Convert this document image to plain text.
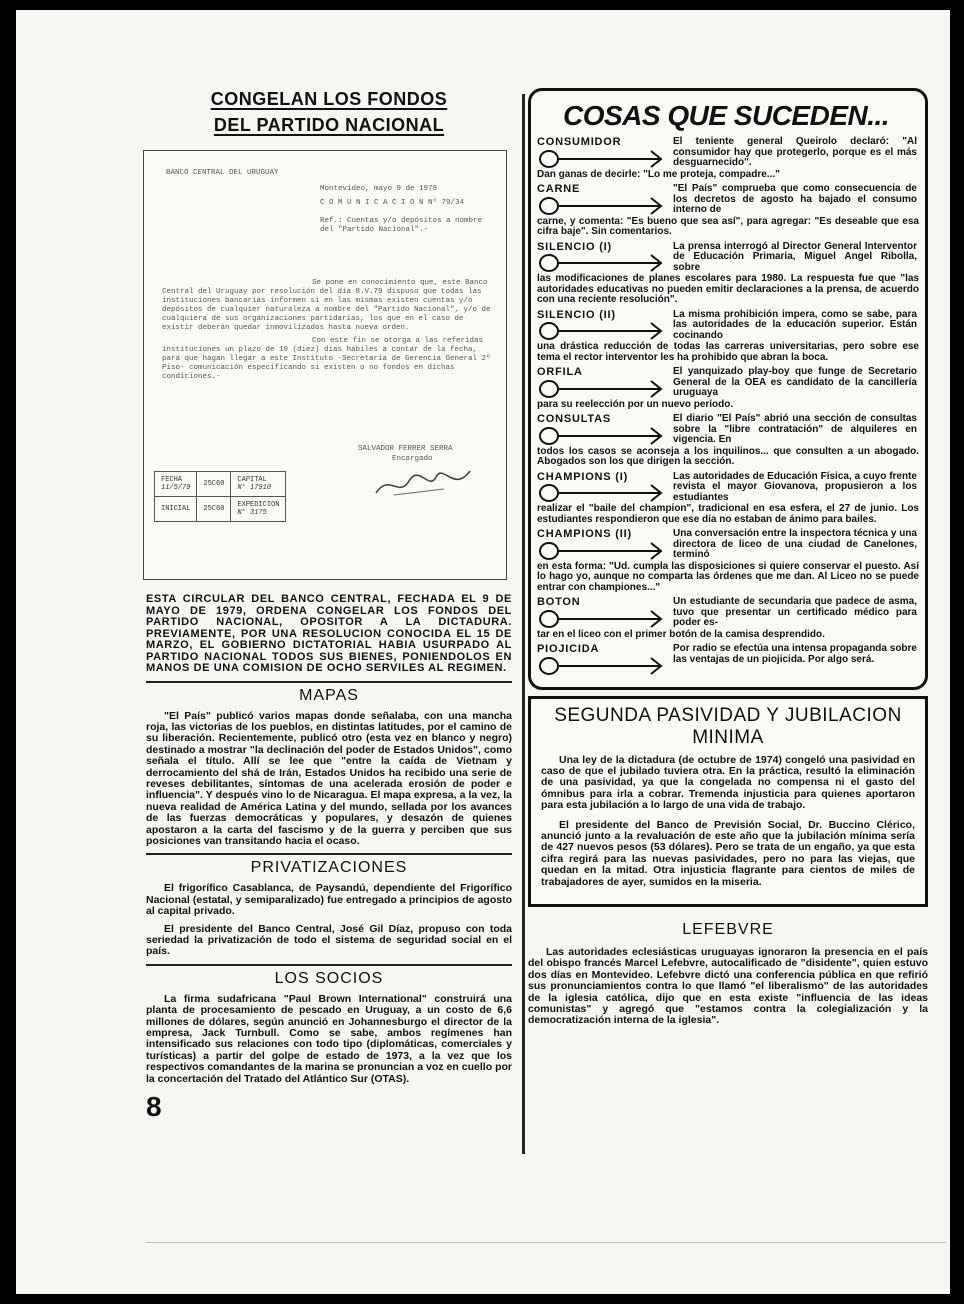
CONGELAN LOS FONDOS
DEL PARTIDO NACIONAL
BANCO CENTRAL DEL URUGUAY
Montevideo, mayo 9 de 1979
C O M U N I C A C I O N Nº 79/34
Ref.: Cuentas y/o depósitos a nombre del "Partido Nacional".-
Se pone en conocimiento que, este Banco Central del Uruguay por resolución del día 8.V.79 dispuso que todas las instituciones bancarias informen si en las mismas existen cuentas y/o depósitos de cualquier naturaleza a nombre del "Partido Nacional", y/o de cualquiera de sus organizaciones partidarias, los que en el caso de existir deberán quedar inmovilizados hasta nueva orden.
Con este fin se otorga a las referidas instituciones un plazo de 10 (diez) días hábiles a contar de la fecha, para que hagan llegar a este Instituto -Secretaría de Gerencia General 2º Piso- comunicación especificando si existen o no fondos en dichas condiciones.-
SALVADOR FERRER SERRA
Encargado
FECHA
11/5/79	25C60	CAPITAL
N° 17910
INICIAL	25C60	EXPEDICION
N° 3175
ESTA CIRCULAR DEL BANCO CENTRAL, FECHADA EL 9 DE MAYO DE 1979, ORDENA CONGELAR LOS FONDOS DEL PARTIDO NACIONAL, OPOSITOR A LA DICTADURA. PREVIAMENTE, POR UNA RESOLUCION CONOCIDA EL 15 DE MARZO, EL GOBIERNO DICTATORIAL HABIA USURPADO AL PARTIDO NACIONAL TODOS SUS BIENES, PONIENDOLOS EN MANOS DE UNA COMISION DE OCHO SERVILES AL REGIMEN.
MAPAS

"El País" publicó varios mapas donde señalaba, con una mancha roja, las victorias de los pueblos, en distintas latitudes, por el camino de su liberación. Recientemente, publicó otro (esta vez en blanco y negro) destinado a mostrar "la declinación del poder de Estados Unidos", como señala el título. Allí se lee que "entre la caída de Vietnam y derrocamiento del shá de Irán, Estados Unidos ha recibido una serie de reveses debilitantes, síntomas de una acelerada erosión de poder e influencia". Y después vino lo de Nicaragua. El mapa expresa, a la vez, la nueva realidad de América Latina y del mundo, sellada por los avances de las fuerzas democráticas y populares, y desazón de quienes apostaron a la carta del fascismo y de la guerra y perciben que sus posiciones van transitando hacia el ocaso.

PRIVATIZACIONES

El frigorífico Casablanca, de Paysandú, dependiente del Frigorífico Nacional (estatal, y semiparalizado) fue entregado a principios de agosto al capital privado.

El presidente del Banco Central, José Gil Díaz, propuso con toda seriedad la privatización de todo el sistema de seguridad social en el país.

LOS SOCIOS

La firma sudafricana "Paul Brown International" construirá una planta de procesamiento de pescado en Uruguay, a un costo de 6,6 millones de dólares, según anunció en Johannesburgo el director de la empresa, Jack Turnbull. Como se sabe, ambos regímenes han intensificado sus relaciones con todo tipo (diplomáticas, comerciales y turísticas) a partir del golpe de estado de 1973, a la vez que los respectivos comandantes de la marina se pronuncian a voz en cuello por la concertación del Tratado del Atlántico Sur (OTAS).

8
COSAS QUE SUCEDEN...
CONSUMIDOR	El teniente general Queirolo declaró: "Al consumidor hay que protegerlo, porque es el más desguarnecido".
Dan ganas de decirle: "Lo me proteja, compadre..."
CARNE	"El País" comprueba que como consecuencia de los decretos de agosto ha bajado el consumo interno de
carne, y comenta: "Es bueno que sea así", para agregar: "Es deseable que esa cifra baje". Sin comentarios.
SILENCIO (I)	La prensa interrogó al Director General Interventor de Educación Primaria, Miguel Angel Ribolla, sobre
las modificaciones de planes escolares para 1980. La respuesta fue que "las autoridades educativas no pueden emitir declaraciones a la prensa, de acuerdo con una reciente resolución".
SILENCIO (II)	La misma prohibición impera, como se sabe, para las autoridades de la educación superior. Están cocinando
una drástica reducción de todas las carreras universitarias, pero sobre ese tema el rector interventor les ha prohibido que abran la boca.
ORFILA	El yanquizado play-boy que funge de Secretario General de la OEA es candidato de la cancillería uruguaya
para su reelección por un nuevo período.
CONSULTAS	El diario "El País" abrió una sección de consultas sobre la "libre contratación" de alquileres en vigencia. En
todos los casos se aconseja a los inquilinos... que consulten a un abogado. Abogados son los que dirigen la sección.
CHAMPIONS (I)	Las autoridades de Educación Física, a cuyo frente revista el mayor Giovanova, propusieron a los estudiantes
realizar el "baile del champion", tradicional en esa esfera, el 27 de junio. Los estudiantes respondieron que ese día no estaban de ánimo para bailes.
CHAMPIONS (II)	Una conversación entre la inspectora técnica y una directora de liceo de una ciudad de Canelones, terminó
en esta forma: "Ud. cumpla las disposiciones si quiere conservar el puesto. Así lo hago yo, aunque no comparta las órdenes que me dan. Al Liceo no se puede entrar con championes..."
BOTON	Un estudiante de secundaria que padece de asma, tuvo que presentar un certificado médico para poder es-
tar en el liceo con el primer botón de la camisa desprendido.
PIOJICIDA	Por radio se efectúa una intensa propaganda sobre las ventajas de un piojicida. Por algo será.
SEGUNDA PASIVIDAD Y JUBILACION MINIMA

Una ley de la dictadura (de octubre de 1974) congeló una pasividad en caso de que el jubilado tuviera otra. En la práctica, resultó la eliminación de una pasividad, ya que la congelada no compensa ni el gasto del ómnibus para irla a cobrar. Tremenda injusticia para quienes aportaron para esta jubilación a lo largo de una vida de trabajo.

El presidente del Banco de Previsión Social, Dr. Buccino Clérico, anunció junto a la revaluación de este año que la jubilación mínima sería de 427 nuevos pesos (53 dólares). Pero se trata de un engaño, ya que esta cifra regirá para las nuevas pasividades, pero no para las viejas, que quedan en la mitad. Otra injusticia flagrante para cientos de miles de trabajadores de ayer, sumidos en la miseria.

LEFEBVRE

Las autoridades eclesiásticas uruguayas ignoraron la presencia en el país del obispo francés Marcel Lefebvre, autocalificado de "disidente", quien estuvo dos días en Montevideo. Lefebvre dictó una conferencia pública en que refirió sus pronunciamientos contra lo que llamó "el liberalismo" de las autoridades de la iglesia católica, dijo que en esta existe "influencia de las ideas comunistas" y agregó que "estamos contra la colegialización y la democratización interna de la iglesia".
